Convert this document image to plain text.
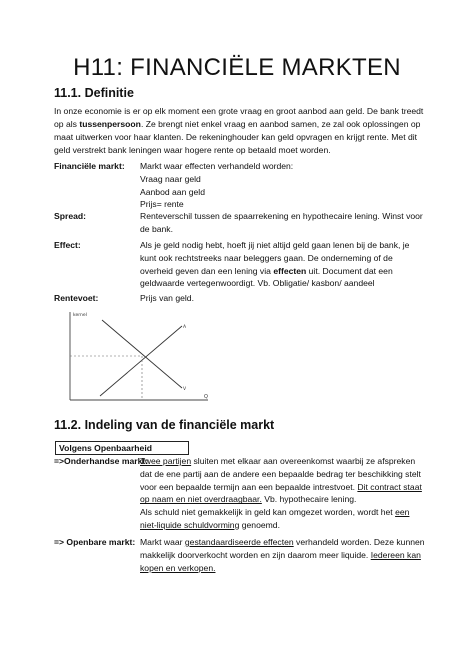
H11: FINANCIËLE MARKTEN
11.1. Definitie

In onze economie is er op elk moment een grote vraag en groot aanbod aan geld. De bank treedt op als tussenpersoon. Ze brengt niet enkel vraag en aanbod samen, ze zal ook oplossingen op maat uitwerken voor haar klanten. De rekeninghouder kan geld opvragen en krijgt rente. Met dit geld verstrekt bank leningen waar hogere rente op betaald moet worden.

Financiële markt: Markt waar effecten verhandeld worden:
Vraag naar geld
Aanbod aan geld
Prijs= rente
Spread:	Renteverschil tussen de spaarrekening en hypothecaire lening. Winst voor de bank.
Effect:	Als je geld nodig hebt, hoeft jij niet altijd geld gaan lenen bij de bank, je kunt ook rechtstreeks naar beleggers gaan. De onderneming of de overheid geven dan een lening via effecten uit. Document dat een geldwaarde vertegenwoordigt. Vb. Obligatie/ kasbon/ aandeel
Rentevoet:	Prijs van geld.
kernel
Q
A
V
11.2. Indeling van de financiële markt
Volgens Openbaarheid
=>Onderhandse markt:
Twee partijen sluiten met elkaar aan overeenkomst waarbij ze afspreken dat de ene partij aan de andere een bepaalde bedrag ter beschikking stelt voor een bepaalde termijn aan een bepaalde intrestvoet. Dit contract staat op naam en niet overdraagbaar. Vb. hypothecaire lening.
Als schuld niet gemakkelijk in geld kan omgezet worden, wordt het een niet-liquide schuldvorming genoemd.
=> Openbare markt: Markt waar gestandaardiseerde effecten verhandeld worden. Deze kunnen makkelijk doorverkocht worden en zijn daarom meer liquide. Iedereen kan kopen en verkopen.
